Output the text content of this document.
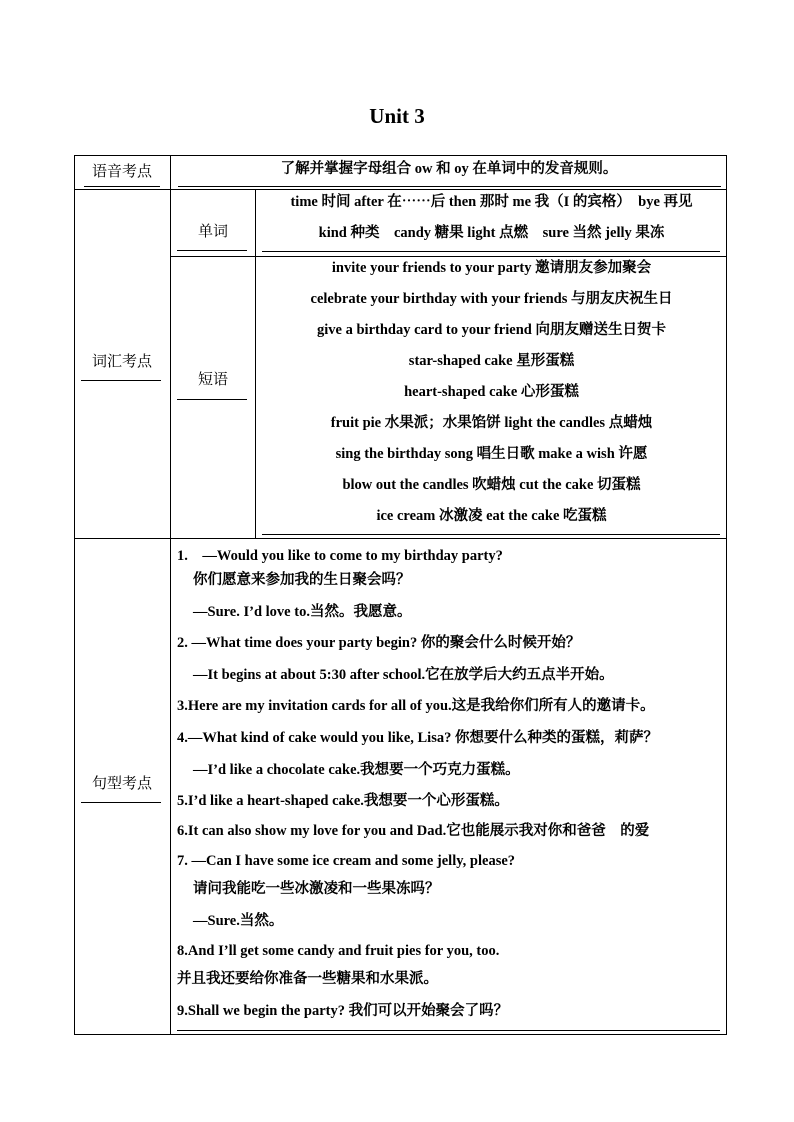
Unit 3
语音考点	了解并掌握字母组合 ow 和 oy 在单词中的发音规则。
词汇考点
单词
time 时间 after 在⋯⋯后 then 那时 me 我（I 的宾格）　bye 再见
kind 种类　candy 糖果 light 点燃　sure 当然 jelly 果冻
短语
invite your friends to your party 邀请朋友参加聚会
celebrate your birthday with your friends 与朋友庆祝生日
give a birthday card to your friend 向朋友赠送生日贺卡
star-shaped cake 星形蛋糕
heart-shaped cake 心形蛋糕
fruit pie 水果派；水果馅饼 light the candles 点蜡烛
sing the birthday song 唱生日歌 make a wish 许愿
blow out the candles 吹蜡烛 cut the cake 切蛋糕
ice cream 冰激凌 eat the cake 吃蛋糕
句型考点
1.　—Would you like to come to my birthday party?
你们愿意来参加我的生日聚会吗？
—Sure. I’d love to.当然。我愿意。
2. —What time does your party begin? 你的聚会什么时候开始？
—It begins at about 5:30 after school.它在放学后大约五点半开始。
3.Here are my invitation cards for all of you.这是我给你们所有人的邀请卡。
4.—What kind of cake would you like, Lisa? 你想要什么种类的蛋糕，莉萨？
—I’d like a chocolate cake.我想要一个巧克力蛋糕。
5.I’d like a heart-shaped cake.我想要一个心形蛋糕。
6.It can also show my love for you and Dad.它也能展示我对你和爸爸　的爱
7. —Can I have some ice cream and some jelly, please?
请问我能吃一些冰激凌和一些果冻吗？
—Sure.当然。
8.And I’ll get some candy and fruit pies for you, too.
并且我还要给你准备一些糖果和水果派。
9.Shall we begin the party? 我们可以开始聚会了吗？
